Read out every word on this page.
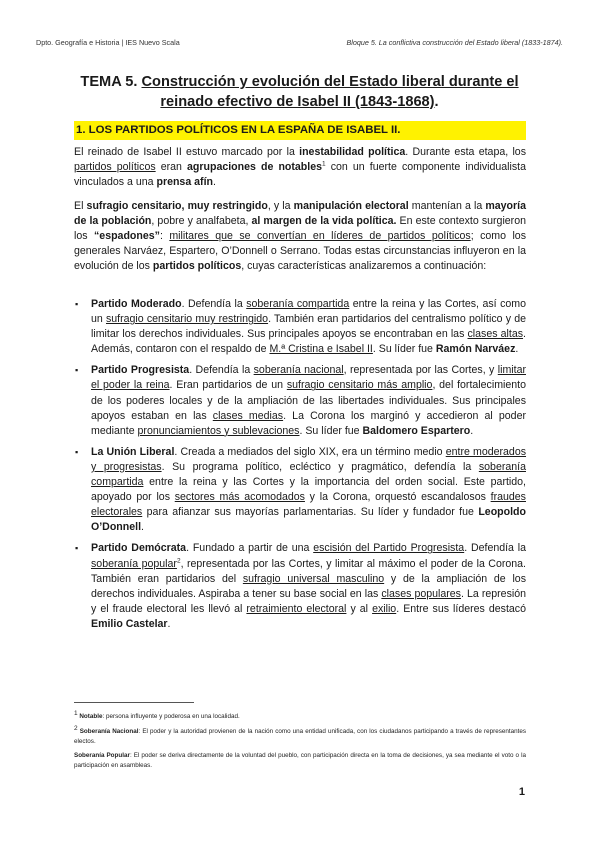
Dpto. Geografía e Historia | IES Nuevo Scala	Bloque 5. La conflictiva construcción del Estado liberal (1833-1874).
TEMA 5. Construcción y evolución del Estado liberal durante el reinado efectivo de Isabel II (1843-1868).
1. LOS PARTIDOS POLÍTICOS EN LA ESPAÑA DE ISABEL II.
El reinado de Isabel II estuvo marcado por la inestabilidad política. Durante esta etapa, los partidos políticos eran agrupaciones de notables$^1$ con un fuerte componente individualista vinculados a una prensa afín.
El sufragio censitario, muy restringido, y la manipulación electoral mantenían a la mayoría de la población, pobre y analfabeta, al margen de la vida política. En este contexto surgieron los “espadones”: militares que se convertían en líderes de partidos políticos; como los generales Narváez, Espartero, O’Donnell o Serrano. Todas estas circunstancias influyeron en la evolución de los partidos políticos, cuyas características analizaremos a continuación:
▪ Partido Moderado. Defendía la soberanía compartida entre la reina y las Cortes, así como un sufragio censitario muy restringido. También eran partidarios del centralismo político y de limitar los derechos individuales. Sus principales apoyos se encontraban en las clases altas. Además, contaron con el respaldo de M.ª Cristina e Isabel II. Su líder fue Ramón Narváez.
▪ Partido Progresista. Defendía la soberanía nacional, representada por las Cortes, y limitar el poder la reina. Eran partidarios de un sufragio censitario más amplio, del fortalecimiento de los poderes locales y de la ampliación de las libertades individuales. Sus principales apoyos estaban en las clases medias. La Corona los marginó y accedieron al poder mediante pronunciamientos y sublevaciones. Su líder fue Baldomero Espartero.
▪ La Unión Liberal. Creada a mediados del siglo XIX, era un término medio entre moderados y progresistas. Su programa político, ecléctico y pragmático, defendía la soberanía compartida entre la reina y las Cortes y la importancia del orden social. Este partido, apoyado por los sectores más acomodados y la Corona, orquestó escandalosos fraudes electorales para afianzar sus mayorías parlamentarias. Su líder y fundador fue Leopoldo O’Donnell.
▪ Partido Demócrata. Fundado a partir de una escisión del Partido Progresista. Defendía la soberanía popular$^2$, representada por las Cortes, y limitar al máximo el poder de la Corona. También eran partidarios del sufragio universal masculino y de la ampliación de los derechos individuales. Aspiraba a tener su base social en las clases populares. La represión y el fraude electoral les llevó al retraimiento electoral y al exilio. Entre sus líderes destacó Emilio Castelar.
$^1$ Notable: persona influyente y poderosa en una localidad.
$^2$ Soberanía Nacional: El poder y la autoridad provienen de la nación como una entidad unificada, con los ciudadanos participando a través de representantes electos.
Soberanía Popular: El poder se deriva directamente de la voluntad del pueblo, con participación directa en la toma de decisiones, ya sea mediante el voto o la participación en asambleas.
1
